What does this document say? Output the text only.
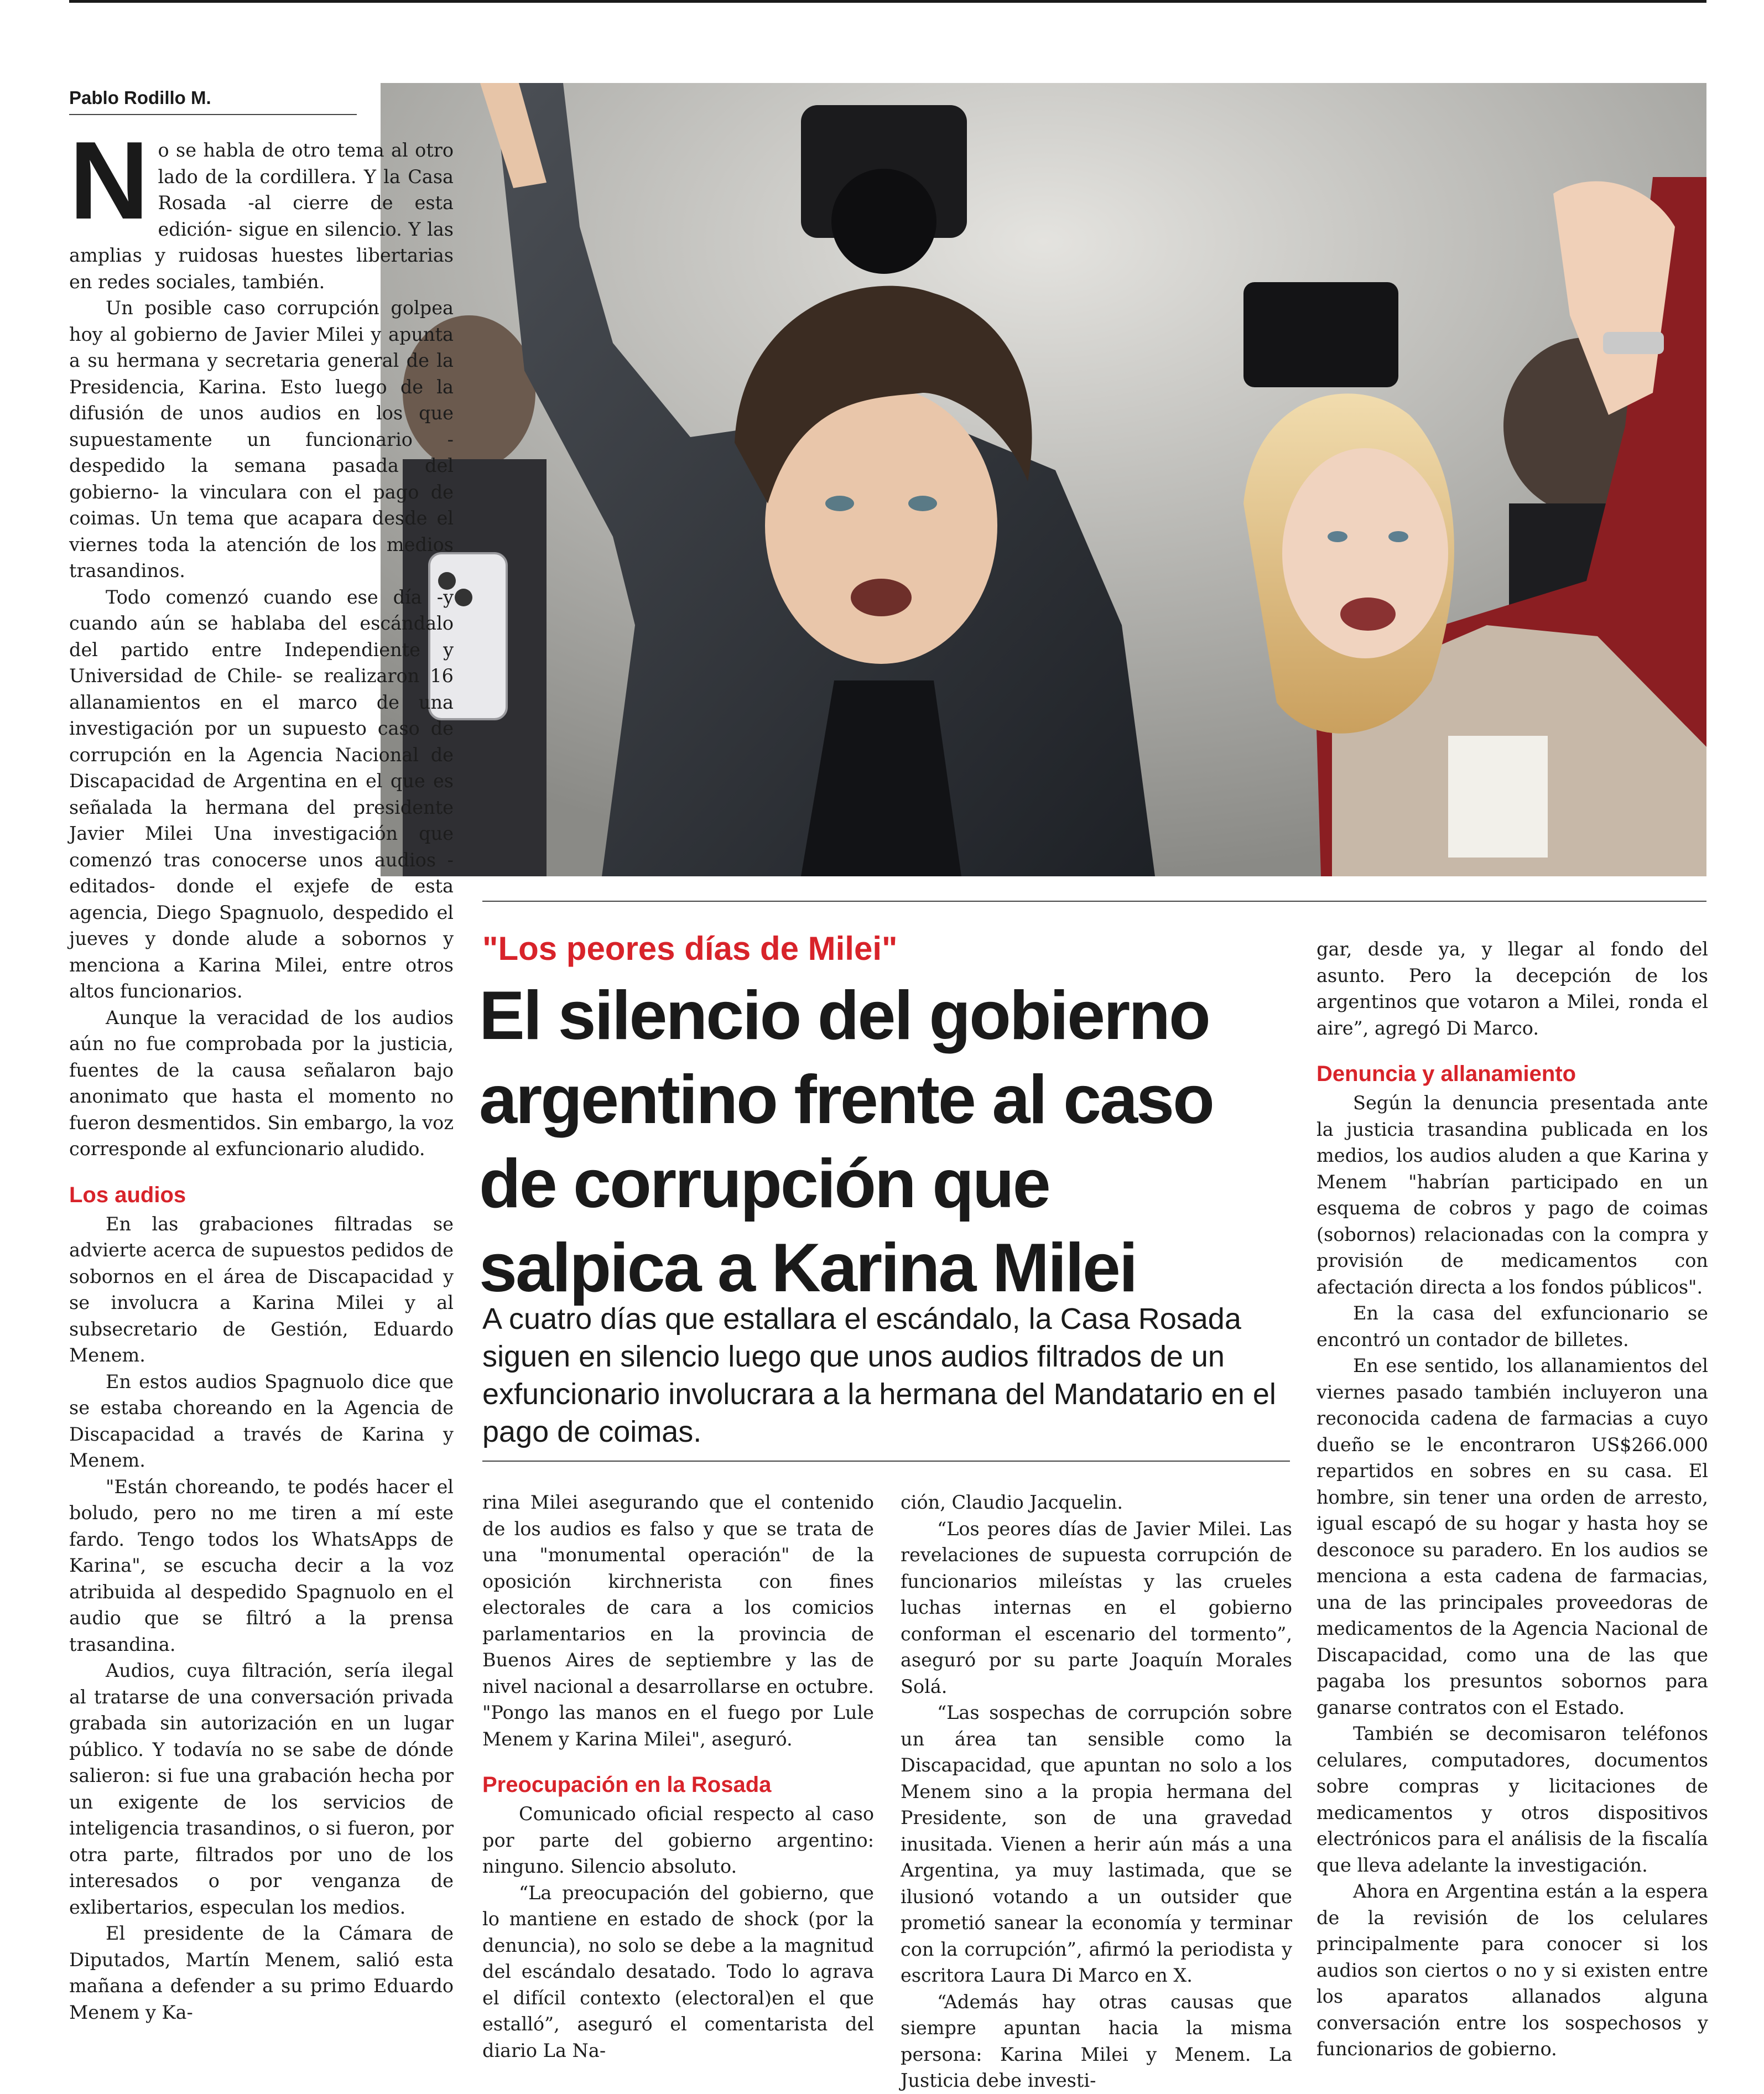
Pablo Rodillo M.
"Los peores días de Milei"
El silencio del gobierno
argentino frente al caso
de corrupción que
salpica a Karina Milei
A cuatro días que estallara el escándalo, la Casa Rosada siguen en silencio luego que unos audios filtrados de un exfuncionario involucrara a la hermana del Mandatario en el pago de coimas.

No se habla de otro tema al otro lado de la cordillera. Y la Casa Rosada -al cierre de esta edición- sigue en silencio. Y las amplias y ruidosas huestes libertarias en redes sociales, también.

Un posible caso corrupción golpea hoy al gobierno de Javier Milei y apunta a su hermana y secretaria general de la Presidencia, Karina. Esto luego de la difusión de unos audios en los que supuestamente un funcionario -despedido la semana pasada del gobierno- la vinculara con el pago de coimas. Un tema que acapara desde el viernes toda la atención de los medios trasandinos.

Todo comenzó cuando ese día -y cuando aún se hablaba del escándalo del partido entre Independiente y Universidad de Chile- se realizaron 16 allanamientos en el marco de una investigación por un supuesto caso de corrupción en la Agencia Nacional de Discapacidad de Argentina en el que es señalada la hermana del presidente Javier Milei Una investigación que comenzó tras conocerse unos audios -editados- donde el exjefe de esta agencia, Diego Spagnuolo, despedido el jueves y donde alude a sobornos y menciona a Karina Milei, entre otros altos funcionarios.

Aunque la veracidad de los audios aún no fue comprobada por la justicia, fuentes de la causa señalaron bajo anonimato que hasta el momento no fueron desmentidos. Sin embargo, la voz corresponde al exfuncionario aludido.

Los audios

En las grabaciones filtradas se advierte acerca de supuestos pedidos de sobornos en el área de Discapacidad y se involucra a Karina Milei y al subsecretario de Gestión, Eduardo Menem.

En estos audios Spagnuolo dice que se estaba choreando en la Agencia de Discapacidad a través de Karina y Menem.

"Están choreando, te podés hacer el boludo, pero no me tiren a mí este fardo. Tengo todos los WhatsApps de Karina", se escucha decir a la voz atribuida al despedido Spagnuolo en el audio que se filtró a la prensa trasandina.

Audios, cuya filtración, sería ilegal al tratarse de una conversación privada grabada sin autorización en un lugar público. Y todavía no se sabe de dónde salieron: si fue una grabación hecha por un exigente de los servicios de inteligencia trasandinos, o si fueron, por otra parte, filtrados por uno de los interesados o por venganza de exlibertarios, especulan los medios.

El presidente de la Cámara de Diputados, Martín Menem, salió esta mañana a defender a su primo Eduardo Menem y Ka-

rina Milei asegurando que el contenido de los audios es falso y que se trata de una "monumental operación" de la oposición kirchnerista con fines electorales de cara a los comicios parlamentarios en la provincia de Buenos Aires de septiembre y las de nivel nacional a desarrollarse en octubre. "Pongo las manos en el fuego por Lule Menem y Karina Milei", aseguró.

Preocupación en la Rosada

Comunicado oficial respecto al caso por parte del gobierno argentino: ninguno. Silencio absoluto.

“La preocupación del gobierno, que lo mantiene en estado de shock (por la denuncia), no solo se debe a la magnitud del escándalo desatado. Todo lo agrava el difícil contexto (electoral)en el que estalló”, aseguró el comentarista del diario La Na-

ción, Claudio Jacquelin.

“Los peores días de Javier Milei. Las revelaciones de supuesta corrupción de funcionarios mileístas y las crueles luchas internas en el gobierno conforman el escenario del tormento”, aseguró por su parte Joaquín Morales Solá.

“Las sospechas de corrupción sobre un área tan sensible como la Discapacidad, que apuntan no solo a los Menem sino a la propia hermana del Presidente, son de una gravedad inusitada. Vienen a herir aún más a una Argentina, ya muy lastimada, que se ilusionó votando a un outsider que prometió sanear la economía y terminar con la corrupción”, afirmó la periodista y escritora Laura Di Marco en X.

“Además hay otras causas que siempre apuntan hacia la misma persona: Karina Milei y Menem. La Justicia debe investi-

gar, desde ya, y llegar al fondo del asunto. Pero la decepción de los argentinos que votaron a Milei, ronda el aire”, agregó Di Marco.

Denuncia y allanamiento

Según la denuncia presentada ante la justicia trasandina publicada en los medios, los audios aluden a que Karina y Menem "habrían participado en un esquema de cobros y pago de coimas (sobornos) relacionadas con la compra y provisión de medicamentos con afectación directa a los fondos públicos".

En la casa del exfuncionario se encontró un contador de billetes.

En ese sentido, los allanamientos del viernes pasado también incluyeron una reconocida cadena de farmacias a cuyo dueño se le encontraron US$266.000 repartidos en sobres en su casa. El hombre, sin tener una orden de arresto, igual escapó de su hogar y hasta hoy se desconoce su paradero. En los audios se menciona a esta cadena de farmacias, una de las principales proveedoras de medicamentos de la Agencia Nacional de Discapacidad, como una de las que pagaba los presuntos sobornos para ganarse contratos con el Estado.

También se decomisaron teléfonos celulares, computadores, documentos sobre compras y licitaciones de medicamentos y otros dispositivos electrónicos para el análisis de la fiscalía que lleva adelante la investigación.

Ahora en Argentina están a la espera de la revisión de los celulares principalmente para conocer si los audios son ciertos o no y si existen entre los aparatos allanados alguna conversación entre los sospechosos y funcionarios de gobierno.
